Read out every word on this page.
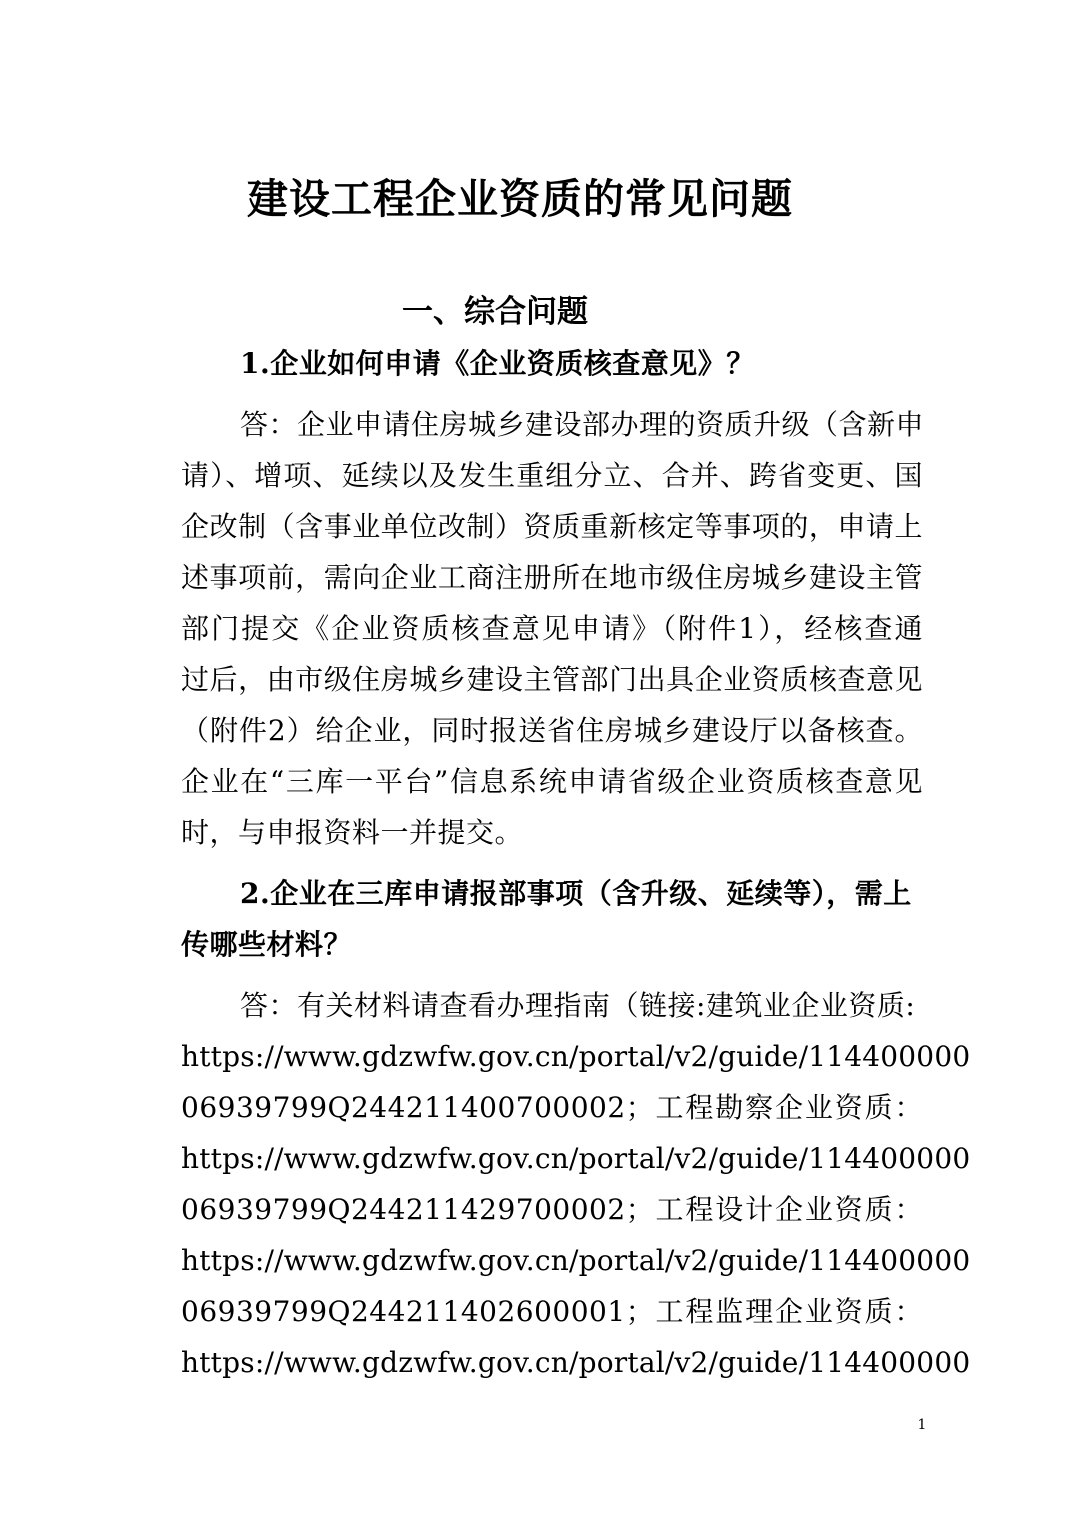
建设工程企业资质的常见问题
一、综合问题
1.企业如何申请《企业资质核查意见》？
答：企业申请住房城乡建设部办理的资质升级（含新申
请）、增项、延续以及发生重组分立、合并、跨省变更、国
企改制（含事业单位改制）资质重新核定等事项的，申请上
述事项前，需向企业工商注册所在地市级住房城乡建设主管
部门提交《企业资质核查意见申请》（附件1），经核查通
过后，由市级住房城乡建设主管部门出具企业资质核查意见
（附件2）给企业，同时报送省住房城乡建设厅以备核查。
企业在“三库一平台”信息系统申请省级企业资质核查意见
时，与申报资料一并提交。
2.企业在三库申请报部事项（含升级、延续等），需上
传哪些材料？
答：有关材料请查看办理指南（链接:建筑业企业资质:
https://www.gdzwfw.gov.cn/portal/v2/guide/114400000
06939799Q244211400700002；工程勘察企业资质：
https://www.gdzwfw.gov.cn/portal/v2/guide/114400000
06939799Q244211429700002；工程设计企业资质：
https://www.gdzwfw.gov.cn/portal/v2/guide/114400000
06939799Q244211402600001；工程监理企业资质：
https://www.gdzwfw.gov.cn/portal/v2/guide/114400000
1
